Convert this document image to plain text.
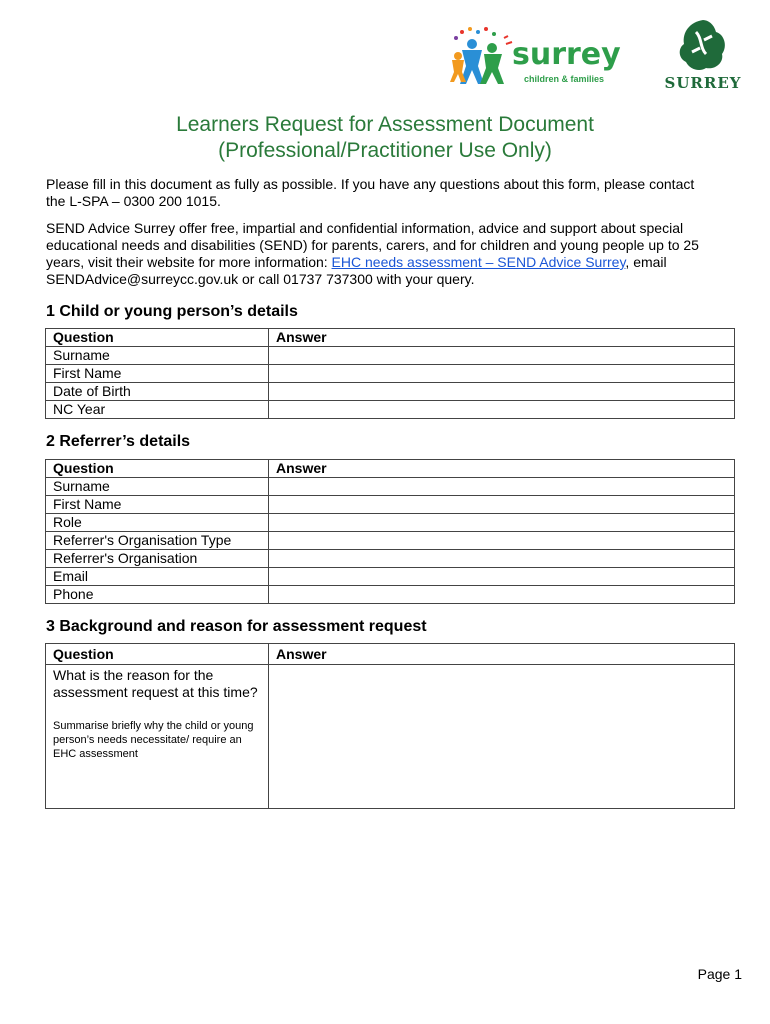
surrey
children & families	SURREY
Learners Request for Assessment Document
(Professional/Practitioner Use Only)
Please fill in this document as fully as possible. If you have any questions about this form, please contact the L-SPA – 0300 200 1015.
SEND Advice Surrey offer free, impartial and confidential information, advice and support about special educational needs and disabilities (SEND) for parents, carers, and for children and young people up to 25 years, visit their website for more information: EHC needs assessment – SEND Advice Surrey, email SENDAdvice@surreycc.gov.uk or call 01737 737300 with your query.
1 Child or young person’s details
Question	Answer
Surname	
First Name	
Date of Birth	
NC Year	
2 Referrer’s details
Question	Answer
Surname	
First Name	
Role	
Referrer's Organisation Type	
Referrer's Organisation	
Email	
Phone	
3 Background and reason for assessment request
Question	Answer

What is the reason for the assessment request at this time?
Summarise briefly why the child or young person’s needs necessitate/ require an EHC assessment	

Page 1
